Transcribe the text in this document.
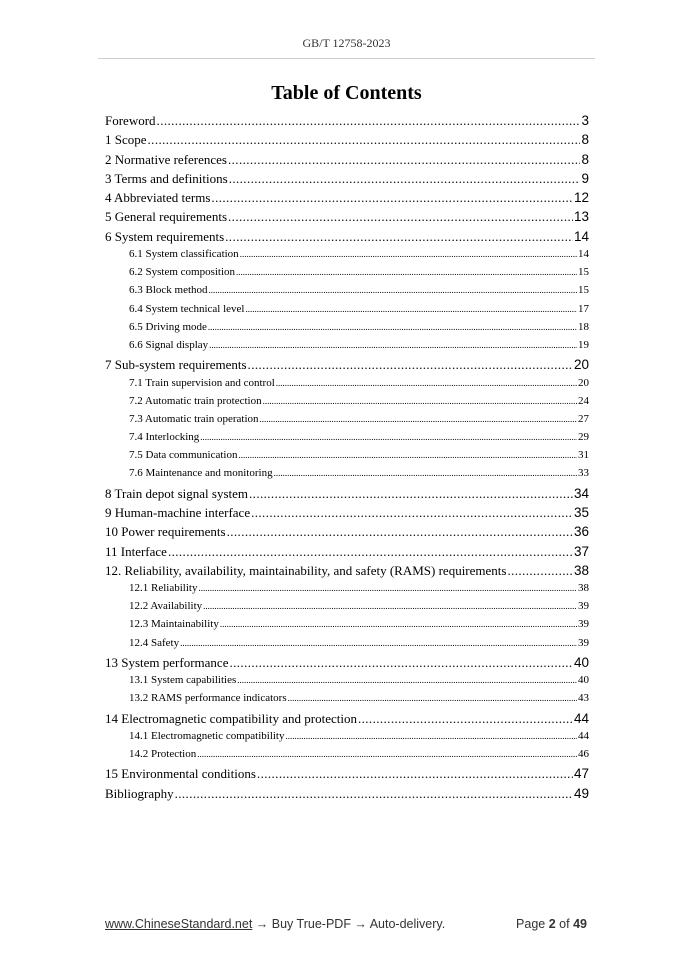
GB/T 12758-2023
Table of Contents
Foreword .....	3
1 Scope .....	8
2 Normative references .....	8
3 Terms and definitions .....	9
4 Abbreviated terms .....	12
5 General requirements .....	13
6 System requirements .....	14
6.1 System classification .....	14
6.2 System composition .....	15
6.3 Block method .....	15
6.4 System technical level .....	17
6.5 Driving mode .....	18
6.6 Signal display .....	19
7 Sub-system requirements .....	20
7.1 Train supervision and control .....	20
7.2 Automatic train protection .....	24
7.3 Automatic train operation .....	27
7.4 Interlocking .....	29
7.5 Data communication .....	31
7.6 Maintenance and monitoring .....	33
8 Train depot signal system .....	34
9 Human-machine interface .....	35
10 Power requirements .....	36
11 Interface .....	37
12. Reliability, availability, maintainability, and safety (RAMS) requirements .....	38
12.1 Reliability .....	38
12.2 Availability .....	39
12.3 Maintainability .....	39
12.4 Safety .....	39
13 System performance .....	40
13.1 System capabilities .....	40
13.2 RAMS performance indicators .....	43
14 Electromagnetic compatibility and protection .....	44
14.1 Electromagnetic compatibility .....	44
14.2 Protection .....	46
15 Environmental conditions .....	47
Bibliography .....	49
www.ChineseStandard.net → Buy True-PDF → Auto-delivery.	Page 2 of 49
